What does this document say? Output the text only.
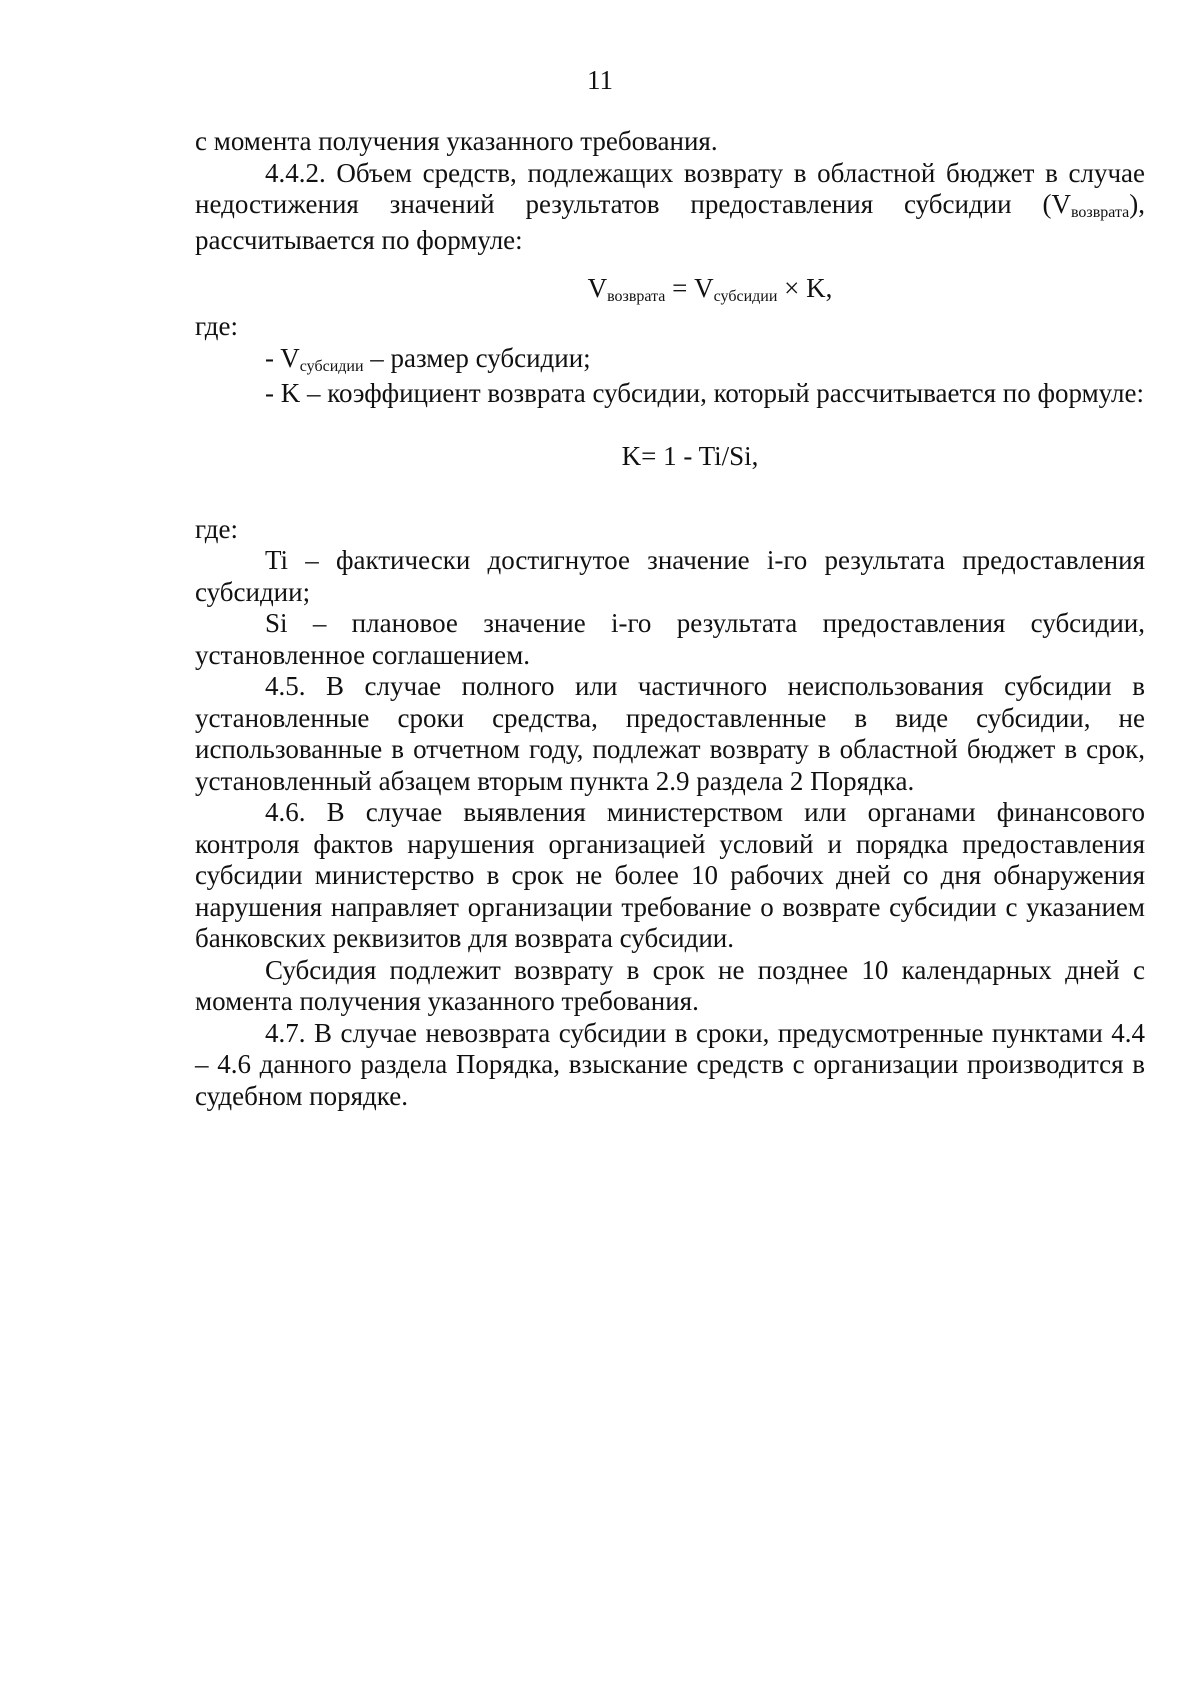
11

с момента получения указанного требования.

4.4.2. Объем средств, подлежащих возврату в областной бюджет в случае недостижения значений результатов предоставления субсидии $(V_{возврата})$, рассчитывается по формуле:

$V_{возврата} = V_{субсидии} \times K$,

где:

- $V_{субсидии}$ – размер субсидии;

- K – коэффициент возврата субсидии, который рассчитывается по формуле:

K= 1 - Ti/Si,

где:

Ti – фактически достигнутое значение i-го результата предоставления субсидии;

Si – плановое значение i-го результата предоставления субсидии, установленное соглашением.

4.5. В случае полного или частичного неиспользования субсидии в установленные сроки средства, предоставленные в виде субсидии, не использованные в отчетном году, подлежат возврату в областной бюджет в срок, установленный абзацем вторым пункта 2.9 раздела 2 Порядка.

4.6. В случае выявления министерством или органами финансового контроля фактов нарушения организацией условий и порядка предоставления субсидии министерство в срок не более 10 рабочих дней со дня обнаружения нарушения направляет организации требование о возврате субсидии с указанием банковских реквизитов для возврата субсидии.

Субсидия подлежит возврату в срок не позднее 10 календарных дней с момента получения указанного требования.

4.7. В случае невозврата субсидии в сроки, предусмотренные пунктами 4.4 – 4.6 данного раздела Порядка, взыскание средств с организации производится в судебном порядке.
